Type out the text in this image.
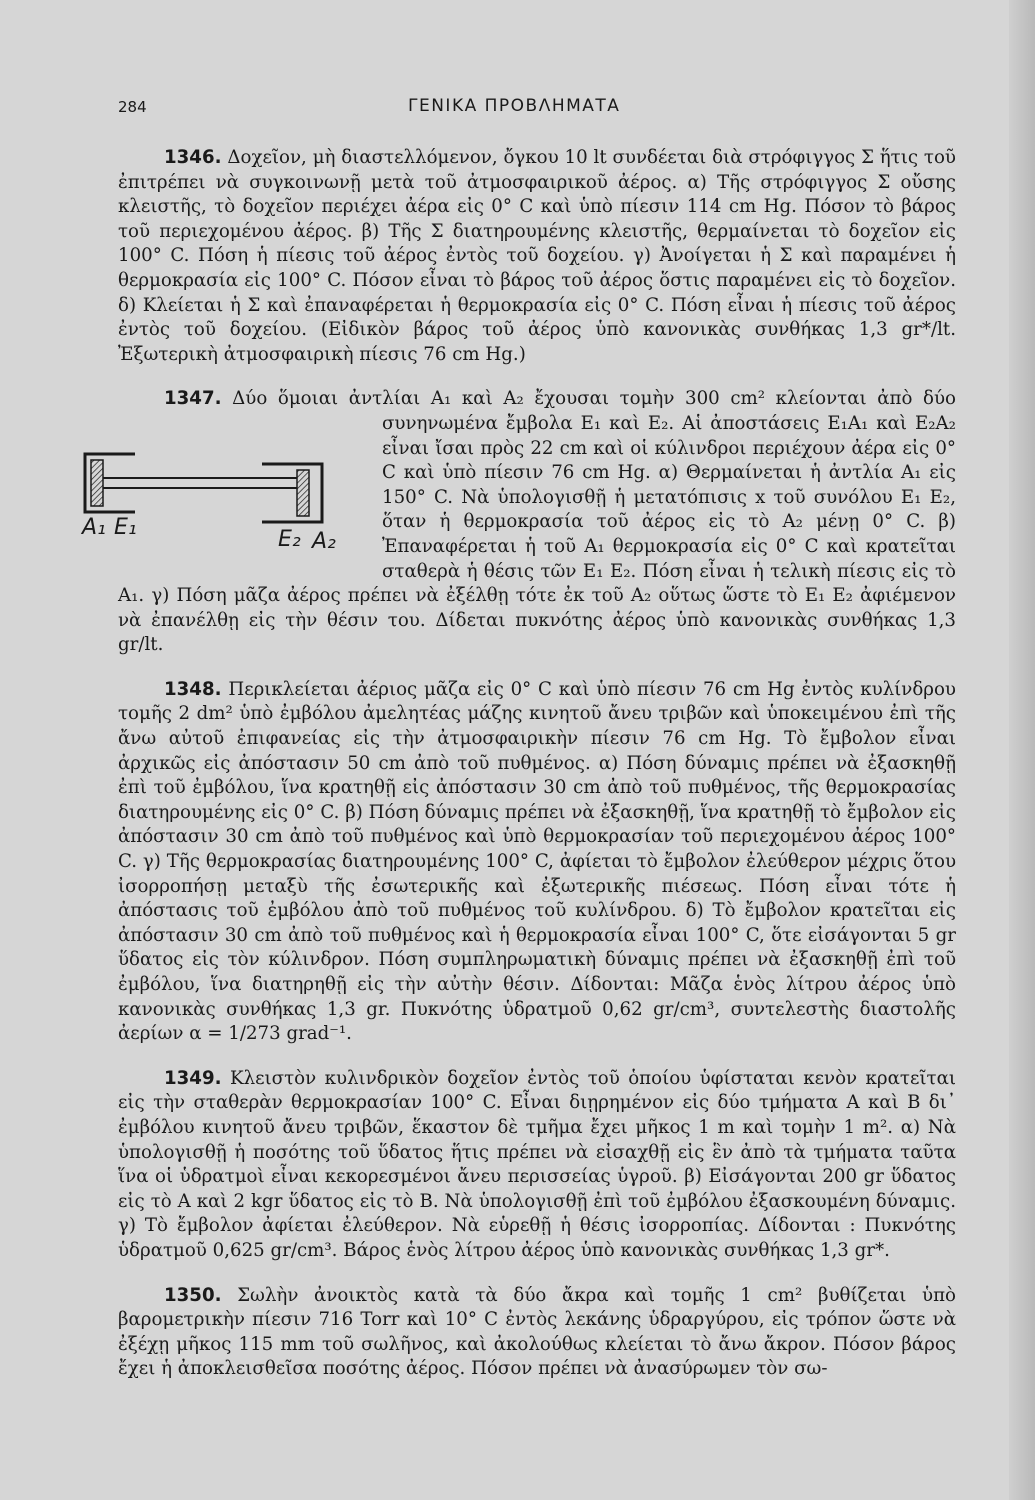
284	ΓΕΝΙΚΑ ΠΡΟΒΛΗΜΑΤΑ

1346. Δοχεῖον, μὴ διαστελλόμενον, ὄγκου 10 lt συνδέεται διὰ στρόφιγγος Σ ἥτις τοῦ ἐπιτρέπει νὰ συγκοινωνῇ μετὰ τοῦ ἀτμοσφαιρικοῦ ἀέρος. α) Τῆς στρόφιγγος Σ οὔσης κλειστῆς, τὸ δοχεῖον περιέχει ἀέρα εἰς 0° C καὶ ὑπὸ πίεσιν 114 cm Hg. Πόσον τὸ βάρος τοῦ περιεχομένου ἀέρος. β) Τῆς Σ διατηρουμένης κλειστῆς, θερμαίνεται τὸ δοχεῖον εἰς 100° C. Πόση ἡ πίεσις τοῦ ἀέρος ἐντὸς τοῦ δοχείου. γ) Ἀνοίγεται ἡ Σ καὶ παραμένει ἡ θερμοκρασία εἰς 100° C. Πόσον εἶναι τὸ βάρος τοῦ ἀέρος ὅστις παραμένει εἰς τὸ δοχεῖον. δ) Κλείεται ἡ Σ καὶ ἐπαναφέρεται ἡ θερμοκρασία εἰς 0° C. Πόση εἶναι ἡ πίεσις τοῦ ἀέρος ἐντὸς τοῦ δοχείου. (Εἰδικὸν βάρος τοῦ ἀέρος ὑπὸ κανονικὰς συνθήκας 1,3 gr*/lt. Ἐξωτερικὴ ἀτμοσφαιρικὴ πίεσις 76 cm Hg.)

1347. Δύο ὅμοιαι ἀντλίαι A₁ καὶ A₂ ἔχουσαι τομὴν 300 cm² κλείονται ἀπὸ δύο συνηνωμένα ἔμβολα E₁ καὶ E₂.
A₁ E₁	E₂ A₂
Αἱ ἀποστάσεις E₁A₁ καὶ E₂A₂ εἶναι ἴσαι πρὸς 22 cm καὶ οἱ κύλινδροι περιέχουν ἀέρα εἰς 0° C καὶ ὑπὸ πίεσιν 76 cm Hg. α) Θερμαίνεται ἡ ἀντλία A₁ εἰς 150° C. Νὰ ὑπολογισθῇ ἡ μετατόπισις x τοῦ συνόλου E₁ E₂, ὅταν ἡ θερμοκρασία τοῦ ἀέρος εἰς τὸ A₂ μένῃ 0° C. β) Ἐπαναφέρεται ἡ τοῦ A₁ θερμοκρασία εἰς 0° C καὶ κρατεῖται σταθερὰ ἡ θέσις τῶν E₁ E₂. Πόση εἶναι ἡ τελικὴ πίεσις εἰς τὸ A₁. γ) Πόση μᾶζα ἀέρος πρέπει νὰ ἐξέλθῃ τότε ἐκ τοῦ A₂ οὕτως ὥστε τὸ E₁ E₂ ἀφιέμενον νὰ ἐπανέλθῃ εἰς τὴν θέσιν του. Δίδεται πυκνότης ἀέρος ὑπὸ κανονικὰς συνθήκας 1,3 gr/lt.

1348. Περικλείεται ἀέριος μᾶζα εἰς 0° C καὶ ὑπὸ πίεσιν 76 cm Hg ἐντὸς κυλίνδρου τομῆς 2 dm² ὑπὸ ἐμβόλου ἀμελητέας μάζης κινητοῦ ἄνευ τριβῶν καὶ ὑποκειμένου ἐπὶ τῆς ἄνω αὐτοῦ ἐπιφανείας εἰς τὴν ἀτμοσφαιρικὴν πίεσιν 76 cm Hg. Τὸ ἔμβολον εἶναι ἀρχικῶς εἰς ἀπόστασιν 50 cm ἀπὸ τοῦ πυθμένος. α) Πόση δύναμις πρέπει νὰ ἐξασκηθῇ ἐπὶ τοῦ ἐμβόλου, ἵνα κρατηθῇ εἰς ἀπόστασιν 30 cm ἀπὸ τοῦ πυθμένος, τῆς θερμοκρασίας διατηρουμένης εἰς 0° C. β) Πόση δύναμις πρέπει νὰ ἐξασκηθῇ, ἵνα κρατηθῇ τὸ ἔμβολον εἰς ἀπόστασιν 30 cm ἀπὸ τοῦ πυθμένος καὶ ὑπὸ θερμοκρασίαν τοῦ περιεχομένου ἀέρος 100° C. γ) Τῆς θερμοκρασίας διατηρουμένης 100° C, ἀφίεται τὸ ἔμβολον ἐλεύθερον μέχρις ὅτου ἰσορροπήσῃ μεταξὺ τῆς ἐσωτερικῆς καὶ ἐξωτερικῆς πιέσεως. Πόση εἶναι τότε ἡ ἀπόστασις τοῦ ἐμβόλου ἀπὸ τοῦ πυθμένος τοῦ κυλίνδρου. δ) Τὸ ἔμβολον κρατεῖται εἰς ἀπόστασιν 30 cm ἀπὸ τοῦ πυθμένος καὶ ἡ θερμοκρασία εἶναι 100° C, ὅτε εἰσάγονται 5 gr ὕδατος εἰς τὸν κύλινδρον. Πόση συμπληρωματικὴ δύναμις πρέπει νὰ ἐξασκηθῇ ἐπὶ τοῦ ἐμβόλου, ἵνα διατηρηθῇ εἰς τὴν αὐτὴν θέσιν. Δίδονται: Μᾶζα ἑνὸς λίτρου ἀέρος ὑπὸ κανονικὰς συνθήκας 1,3 gr. Πυκνότης ὑδρατμοῦ 0,62 gr/cm³, συντελεστὴς διαστολῆς ἀερίων α = 1/273 grad⁻¹.

1349. Κλειστὸν κυλινδρικὸν δοχεῖον ἐντὸς τοῦ ὁποίου ὑφίσταται κενὸν κρατεῖται εἰς τὴν σταθερὰν θερμοκρασίαν 100° C. Εἶναι διῃρημένον εἰς δύο τμήματα A καὶ B δι᾽ ἐμβόλου κινητοῦ ἄνευ τριβῶν, ἕκαστον δὲ τμῆμα ἔχει μῆκος 1 m καὶ τομὴν 1 m². α) Νὰ ὑπολογισθῇ ἡ ποσότης τοῦ ὕδατος ἥτις πρέπει νὰ εἰσαχθῇ εἰς ἓν ἀπὸ τὰ τμήματα ταῦτα ἵνα οἱ ὑδρατμοὶ εἶναι κεκορεσμένοι ἄνευ περισσείας ὑγροῦ. β) Εἰσάγονται 200 gr ὕδατος εἰς τὸ A καὶ 2 kgr ὕδατος εἰς τὸ B. Νὰ ὑπολογισθῇ ἐπὶ τοῦ ἐμβόλου ἐξασκουμένη δύναμις. γ) Τὸ ἔμβολον ἀφίεται ἐλεύθερον. Νὰ εὑρεθῇ ἡ θέσις ἰσορροπίας. Δίδονται : Πυκνότης ὑδρατμοῦ 0,625 gr/cm³. Βάρος ἑνὸς λίτρου ἀέρος ὑπὸ κανονικὰς συνθήκας 1,3 gr*.

1350. Σωλὴν ἀνοικτὸς κατὰ τὰ δύο ἄκρα καὶ τομῆς 1 cm² βυθίζεται ὑπὸ βαρομετρικὴν πίεσιν 716 Torr καὶ 10° C ἐντὸς λεκάνης ὑδραργύρου, εἰς τρόπον ὥστε νὰ ἐξέχῃ μῆκος 115 mm τοῦ σωλῆνος, καὶ ἀκολούθως κλείεται τὸ ἄνω ἄκρον. Πόσον βάρος ἔχει ἡ ἀποκλεισθεῖσα ποσότης ἀέρος. Πόσον πρέπει νὰ ἀνασύρωμεν τὸν σω-
